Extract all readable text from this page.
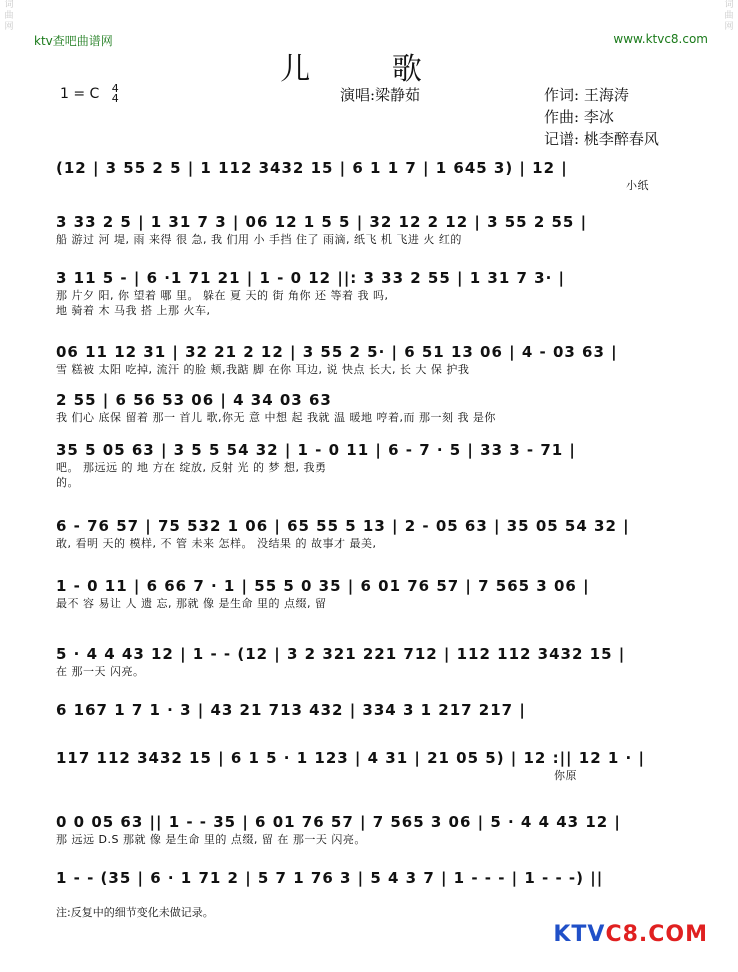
词曲网
词曲网
ktv查吧曲谱网	www.ktvc8.com
儿 歌
1 = C 4
4	演唱:梁静茹	作词: 王海涛
作曲: 李冰
记谱: 桃李醉春风
(12 | 3 55 2 5 | 1 112 3432 15 | 6 1 1 7 | 1 645 3) | 12 |
小纸
3 33 2 5 | 1 31 7 3 | 06 12 1 5 5 | 32 12 2 12 | 3 55 2 55 |
船 游过 河 堤, 雨 来得 很 急, 我 们用 小 手挡 住了 雨滴, 纸飞 机 飞进 火 红的
3 11 5 - | 6 ·1 71 21 | 1 - 0 12 ||: 3 33 2 55 | 1 31 7 3· |
那 片夕 阳, 你 望着 哪 里。 躲在 夏 天的 街 角你 还 等着 我 吗,
地 骑着 木 马我 搭 上那 火车,
06 11 12 31 | 32 21 2 12 | 3 55 2 5· | 6 51 13 06 | 4 - 03 63 |
雪 糕被 太阳 吃掉, 流汗 的脸 颊,我踮 脚 在你 耳边, 说 快点 长大, 长 大 保 护我
2 55 | 6 56 53 06 | 4 34 03 63
我 们心 底保 留着 那一 首儿 歌,你无 意 中想 起 我就 温 暖地 哼着,而 那一刻 我 是你
35 5 05 63 | 3 5 5 54 32 | 1 - 0 11 | 6 - 7 · 5 | 33 3 - 71 |
吧。 那远远 的 地 方在 绽放, 反射 光 的 梦 想, 我勇
的。
6 - 76 57 | 75 532 1 06 | 65 55 5 13 | 2 - 05 63 | 35 05 54 32 |
敢, 看明 天的 模样, 不 管 未来 怎样。 没结果 的 故事才 最美,
1 - 0 11 | 6 66 7 · 1 | 55 5 0 35 | 6 01 76 57 | 7 565 3 06 |
最不 容 易让 人 遗 忘, 那就 像 是生命 里的 点缀, 留
5 · 4 4 43 12 | 1 - - (12 | 3 2 321 221 712 | 112 112 3432 15 |
在 那一天 闪亮。
6 167 1 7 1 · 3 | 43 21 713 432 | 334 3 1 217 217 |
117 112 3432 15 | 6 1 5 · 1 123 | 4 31 | 21 05 5) | 12 :|| 12 1 · |
你原
0 0 05 63 || 1 - - 35 | 6 01 76 57 | 7 565 3 06 | 5 · 4 4 43 12 |
那 远远 D.S 那就 像 是生命 里的 点缀, 留 在 那一天 闪亮。
1 - - (35 | 6 · 1 71 2 | 5 7 1 76 3 | 5 4 3 7 | 1 - - - | 1 - - -) ||
注:反复中的细节变化未做记录。
KTVC8.COM
